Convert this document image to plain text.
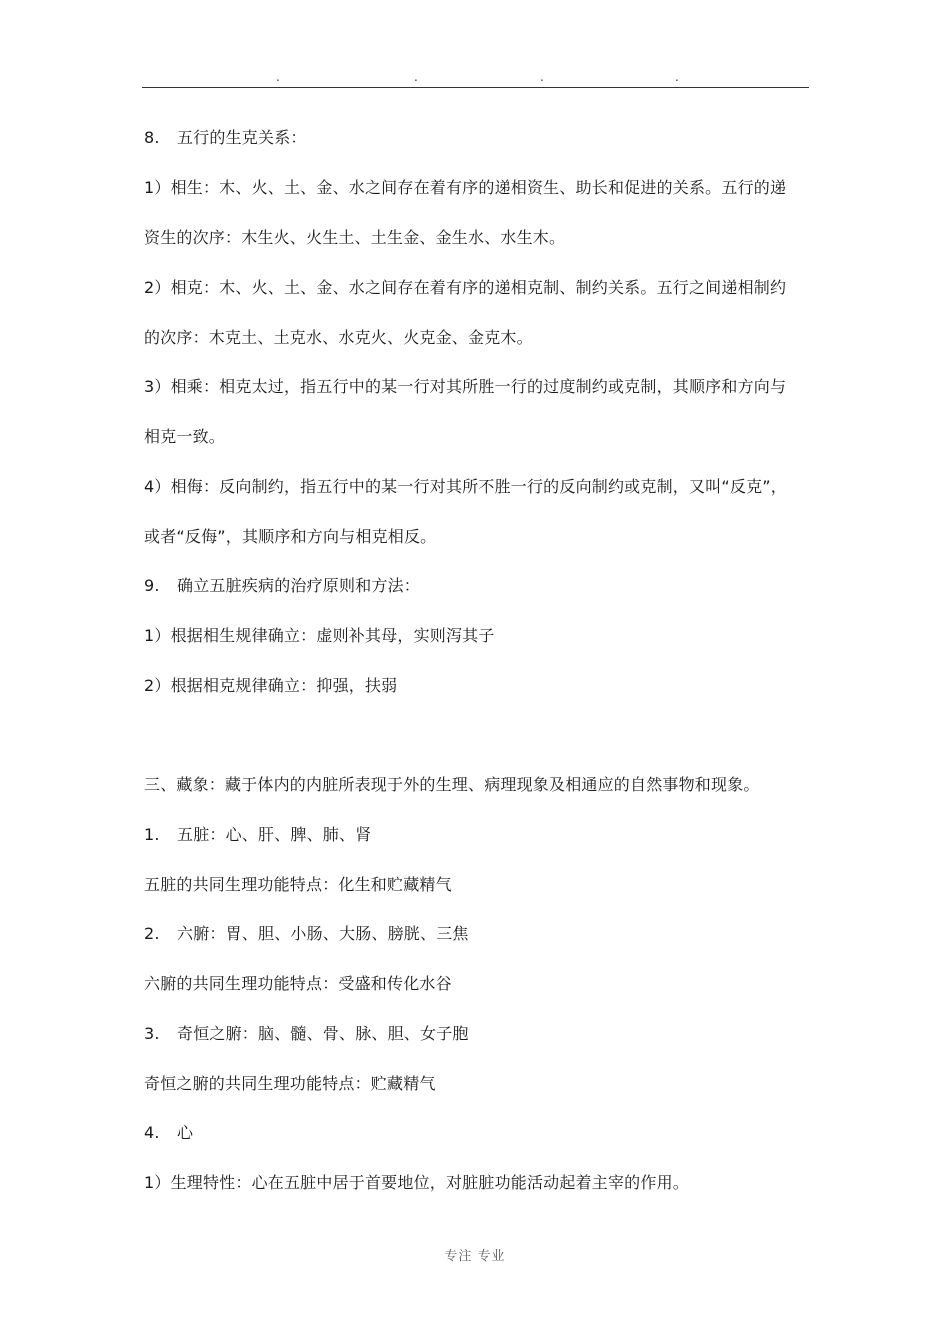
.	.	.	.
8. 五行的生克关系：
1）相生：木、火、土、金、水之间存在着有序的递相资生、助长和促进的关系。五行的递
资生的次序：木生火、火生土、土生金、金生水、水生木。
2）相克：木、火、土、金、水之间存在着有序的递相克制、制约关系。五行之间递相制约
的次序：木克土、土克水、水克火、火克金、金克木。
3）相乘：相克太过，指五行中的某一行对其所胜一行的过度制约或克制，其顺序和方向与
相克一致。
4）相侮：反向制约，指五行中的某一行对其所不胜一行的反向制约或克制，又叫“反克”，
或者“反侮”，其顺序和方向与相克相反。
9. 确立五脏疾病的治疗原则和方法：
1）根据相生规律确立：虚则补其母，实则泻其子
2）根据相克规律确立：抑强，扶弱
三、藏象：藏于体内的内脏所表现于外的生理、病理现象及相通应的自然事物和现象。
1. 五脏：心、肝、脾、肺、肾
五脏的共同生理功能特点：化生和贮藏精气
2. 六腑：胃、胆、小肠、大肠、膀胱、三焦
六腑的共同生理功能特点：受盛和传化水谷
3. 奇恒之腑：脑、髓、骨、脉、胆、女子胞
奇恒之腑的共同生理功能特点：贮藏精气
4. 心
1）生理特性：心在五脏中居于首要地位，对脏脏功能活动起着主宰的作用。
专注 专业
